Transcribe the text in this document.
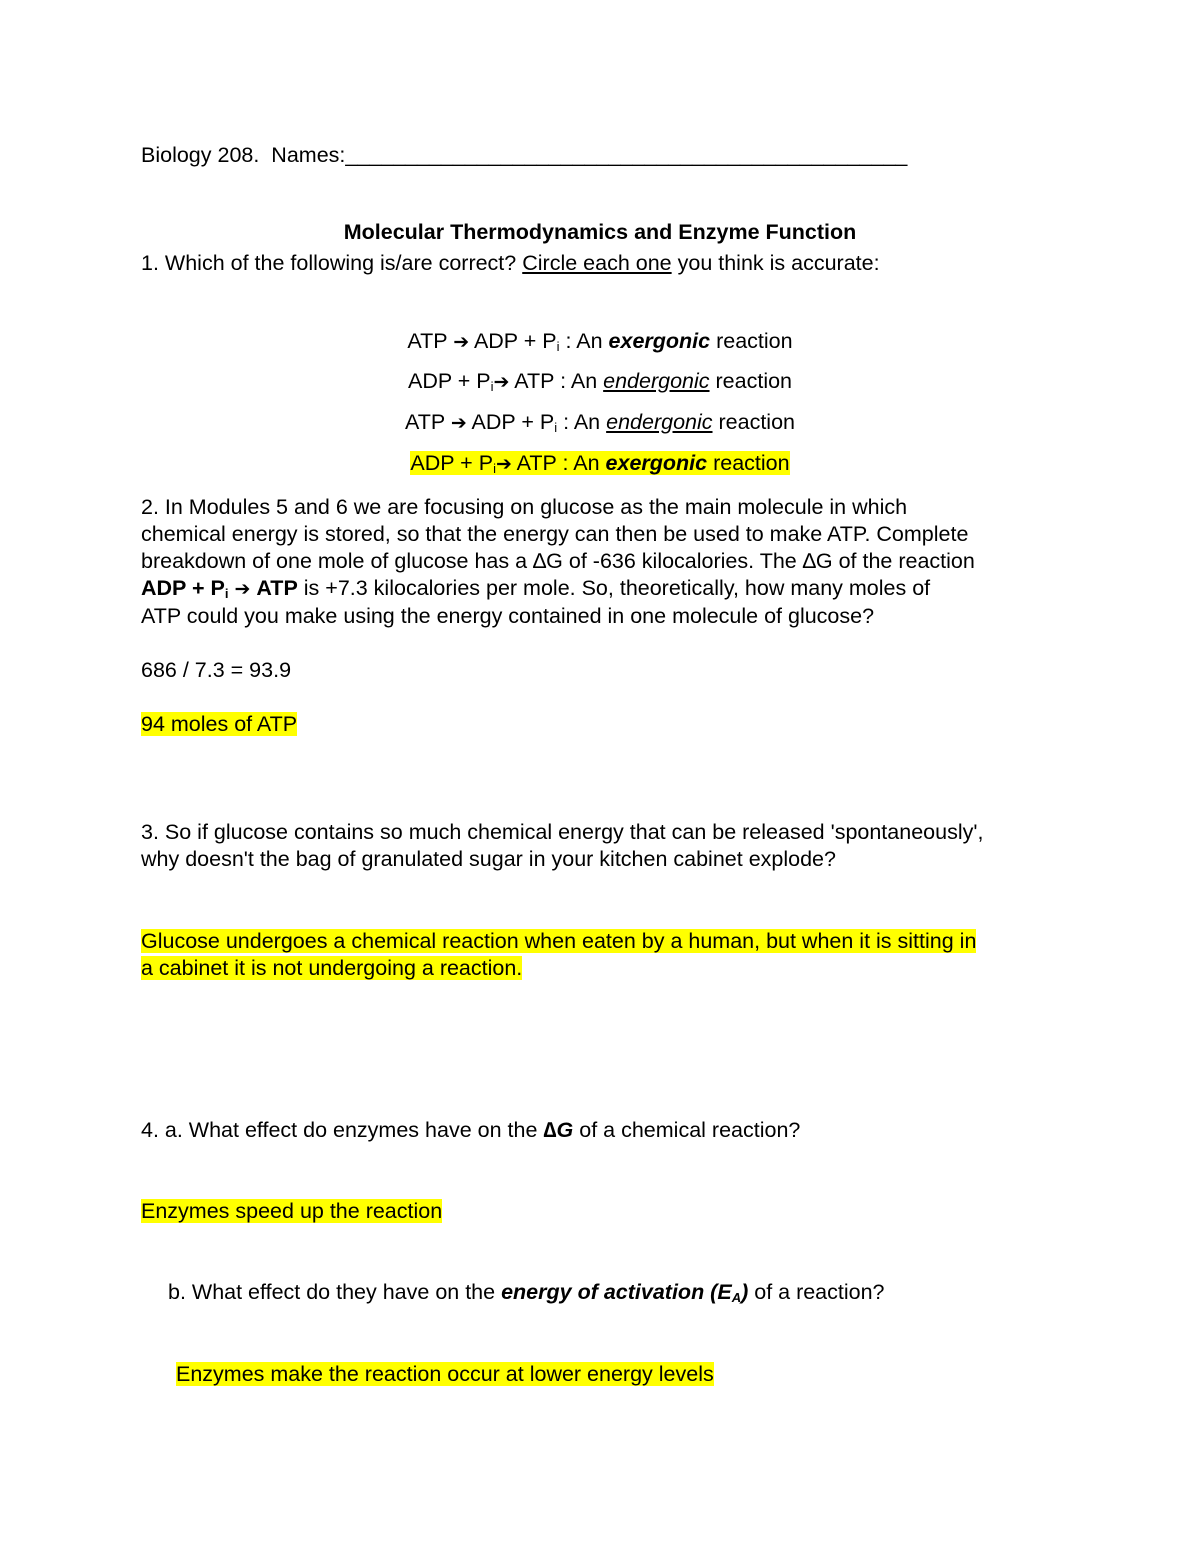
Biology 208. Names:_______________________________________________

Molecular Thermodynamics and Enzyme Function

1. Which of the following is/are correct? Circle each one you think is accurate:

ATP ➔ ADP + $P_i$ : An exergonic reaction

ADP + $P_i➔$ ATP : An endergonic reaction

ATP ➔ ADP + $P_i$ : An endergonic reaction

ADP + $P_i➔$ ATP : An exergonic reaction

2. In Modules 5 and 6 we are focusing on glucose as the main molecule in which
chemical energy is stored, so that the energy can then be used to make ATP. Complete
breakdown of one mole of glucose has a ∆G of -636 kilocalories. The ∆G of the reaction
ADP + $P_i$ ➔ ATP is +7.3 kilocalories per mole. So, theoretically, how many moles of
ATP could you make using the energy contained in one molecule of glucose?

686 / 7.3 = 93.9

94 moles of ATP

3. So if glucose contains so much chemical energy that can be released 'spontaneously',
why doesn't the bag of granulated sugar in your kitchen cabinet explode?
Glucose undergoes a chemical reaction when eaten by a human, but when it is sitting in
a cabinet it is not undergoing a reaction.

4. a. What effect do enzymes have on the ∆G of a chemical reaction?

Enzymes speed up the reaction

b. What effect do they have on the energy of activation $(E_A)$ of a reaction?

Enzymes make the reaction occur at lower energy levels
